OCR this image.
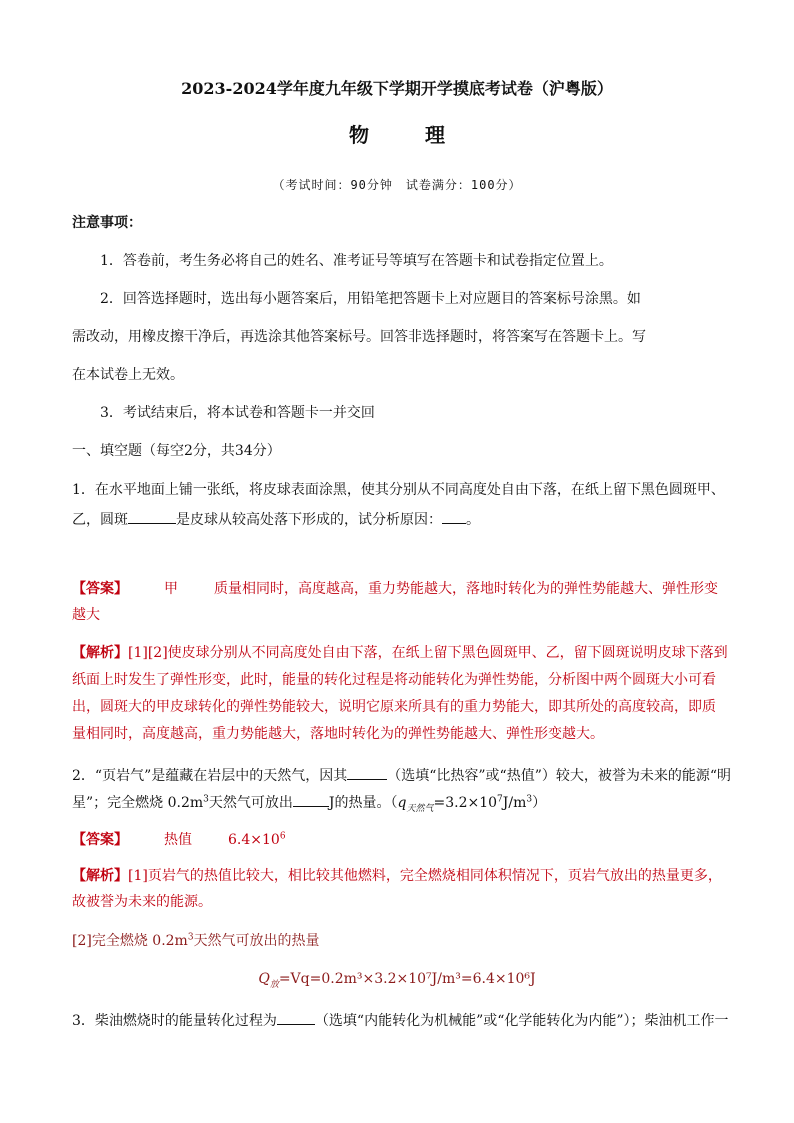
2023-2024学年度九年级下学期开学摸底考试卷（沪粤版）
物理
（考试时间：90分钟　试卷满分：100分）
注意事项：
1．答卷前，考生务必将自己的姓名、准考证号等填写在答题卡和试卷指定位置上。
2．回答选择题时，选出每小题答案后，用铅笔把答题卡上对应题目的答案标号涂黑。如
需改动，用橡皮擦干净后，再选涂其他答案标号。回答非选择题时，将答案写在答题卡上。写
在本试卷上无效。
3．考试结束后，将本试卷和答题卡一并交回
一、填空题（每空2分，共34分）
1．在水平地面上铺一张纸，将皮球表面涂黑，使其分别从不同高度处自由下落，在纸上留下黑色圆斑甲、
乙，圆斑	是皮球从较高处落下形成的，试分析原因： 。
【答案】	甲	质量相同时，高度越高，重力势能越大，落地时转化为的弹性势能越大、弹性形变
越大
【解析】[1][2]使皮球分别从不同高度处自由下落，在纸上留下黑色圆斑甲、乙，留下圆斑说明皮球下落到
纸面上时发生了弹性形变，此时，能量的转化过程是将动能转化为弹性势能，分析图中两个圆斑大小可看
出，圆斑大的甲皮球转化的弹性势能较大，说明它原来所具有的重力势能大，即其所处的高度较高，即质
量相同时，高度越高，重力势能越大，落地时转化为的弹性势能越大、弹性形变越大。
2．“页岩气”是蕴藏在岩层中的天然气，因其	（选填“比热容”或“热值”）较大，被誉为未来的能源“明
星”；完全燃烧 $0.2m^3$天然气可放出	J的热量。$(q_{天然气}=3.2\times 10^7J/m^3)$
【答案】	热值	$6.4\times 10^6$
【解析】[1]页岩气的热值比较大，相比较其他燃料，完全燃烧相同体积情况下，页岩气放出的热量更多，
故被誉为未来的能源。
[2]完全燃烧 $0.2m^3$天然气可放出的热量
$Q_放=Vq=0.2m^3\times 3.2\times 10^7J/m^3=6.4\times 10^6J$
3．柴油燃烧时的能量转化过程为	（选填“内能转化为机械能”或“化学能转化为内能”）；柴油机工作一
